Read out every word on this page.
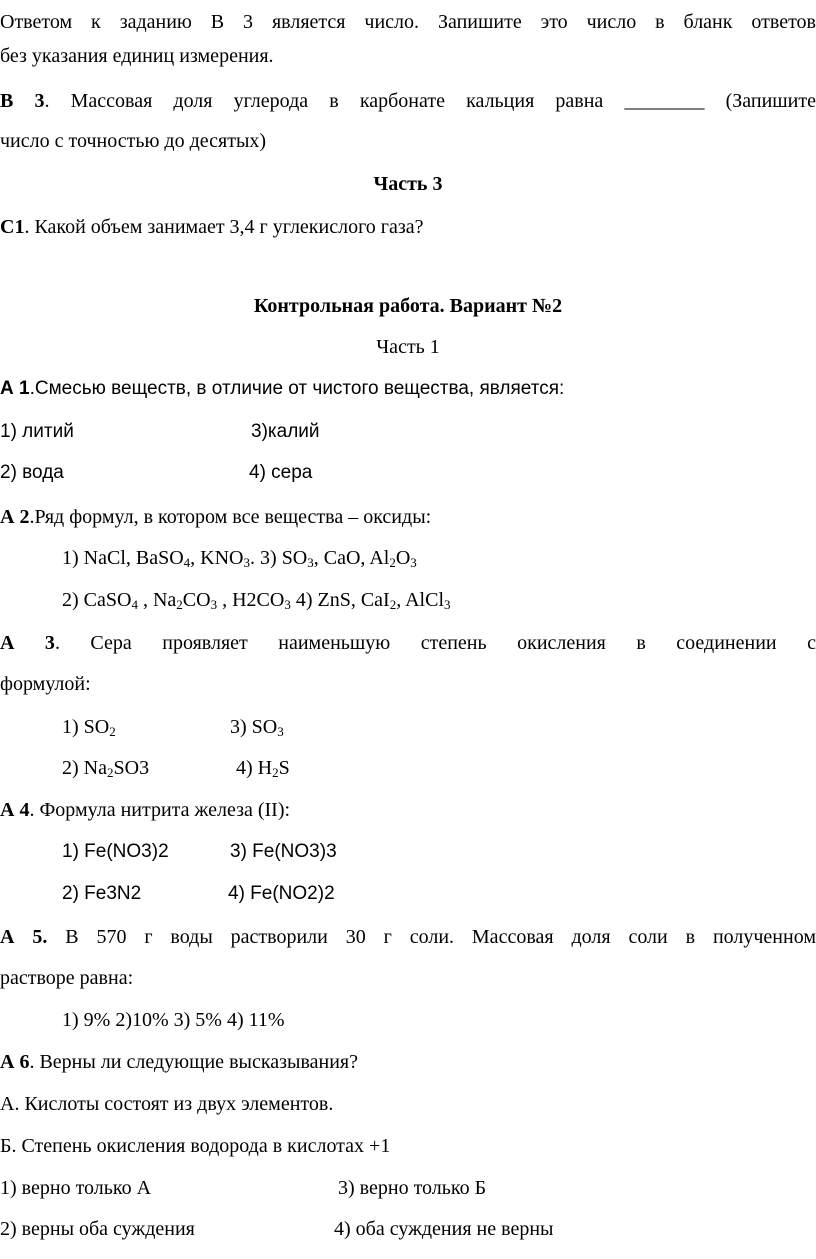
Ответом к заданию В 3 является число. Запишите это число в бланк ответов
без указания единиц измерения.
В 3. Массовая доля углерода в карбонате кальция равна ________ (Запишите
число с точностью до десятых)
Часть 3
С1. Какой объем занимает 3,4 г углекислого газа?
Контрольная работа. Вариант №2
Часть 1
А 1.Смесью веществ, в отличие от чистого вещества, является:
1) литий	3)калий
2) вода	4) сера
А 2.Ряд формул, в котором все вещества – оксиды:
1) NaCl, BaSO$_4$, $KNO_3$. 3) $SO_3$, CaO, $Al_2O_3$
2) CaSO$_4$ , $Na_2CO_3$ , $H2CO_3$ 4) ZnS, CaI$_2$, AlCl$_3$
А 3. Сера проявляет наименьшую степень окисления в соединении с
формулой:
1) $SO_2$	3) $SO_3$
2) $Na_2SO3$	4) $H_2S$
А 4. Формула нитрита железа (II):
1) Fe(NO3)2	3) Fe(NO3)3
2) Fe3N2	4) Fe(NO2)2
А 5. В 570 г воды растворили 30 г соли. Массовая доля соли в полученном
растворе равна:
1) 9% 2)10% 3) 5% 4) 11%
А 6. Верны ли следующие высказывания?
А. Кислоты состоят из двух элементов.
Б. Степень окисления водорода в кислотах +1
1) верно только А	3) верно только Б
2) верны оба суждения	4) оба суждения не верны
